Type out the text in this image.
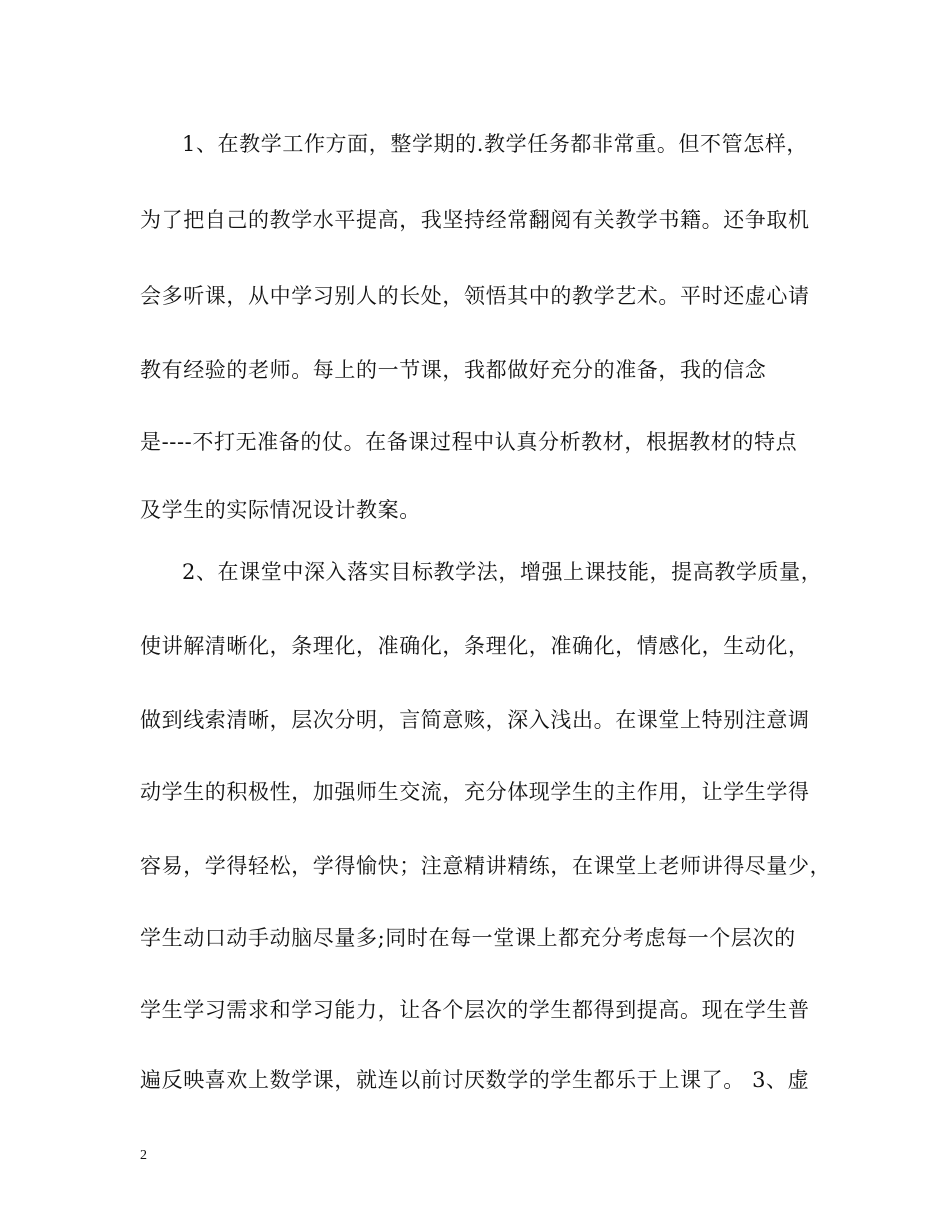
1、在教学工作方面，整学期的.教学任务都非常重。但不管怎样，
为了把自己的教学水平提高，我坚持经常翻阅有关教学书籍。还争取机
会多听课，从中学习别人的长处，领悟其中的教学艺术。平时还虚心请
教有经验的老师。每上的一节课，我都做好充分的准备，我的信念
是----不打无准备的仗。在备课过程中认真分析教材，根据教材的特点
及学生的实际情况设计教案。
2、在课堂中深入落实目标教学法，增强上课技能，提高教学质量，
使讲解清晰化，条理化，准确化，条理化，准确化，情感化，生动化，
做到线索清晰，层次分明，言简意赅，深入浅出。在课堂上特别注意调
动学生的积极性，加强师生交流，充分体现学生的主作用，让学生学得
容易，学得轻松，学得愉快；注意精讲精练，在课堂上老师讲得尽量少，
学生动口动手动脑尽量多;同时在每一堂课上都充分考虑每一个层次的
学生学习需求和学习能力，让各个层次的学生都得到提高。现在学生普
遍反映喜欢上数学课，就连以前讨厌数学的学生都乐于上课了。 3、虚
2
